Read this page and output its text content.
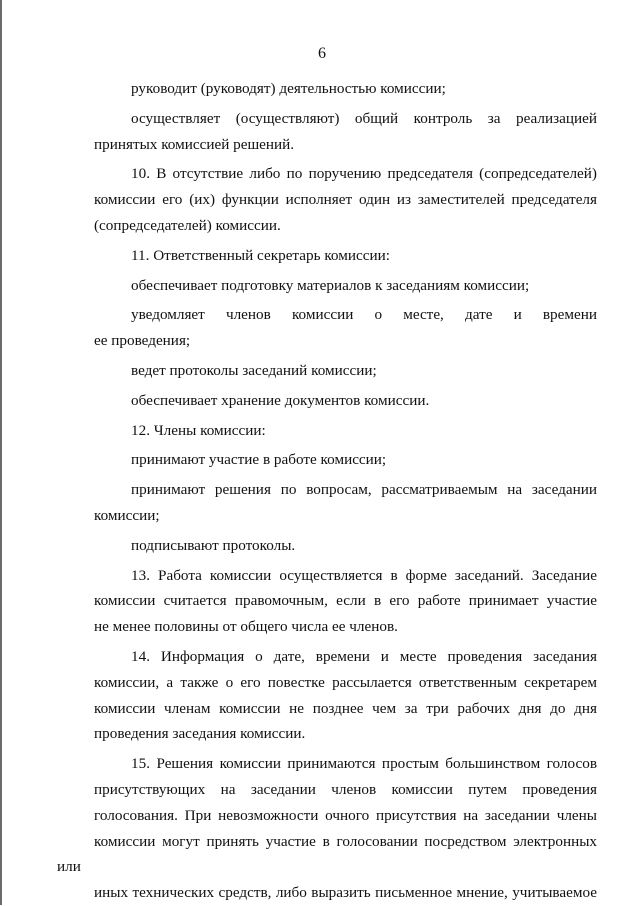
6

руководит (руководят) деятельностью комиссии;

осуществляет (осуществляют) общий контроль за реализацией
принятых комиссией решений.

10. В отсутствие либо по поручению председателя (сопредседателей)
комиссии его (их) функции исполняет один из заместителей председателя
(сопредседателей) комиссии.

11. Ответственный секретарь комиссии:

обеспечивает подготовку материалов к заседаниям комиссии;

уведомляет членов комиссии о месте, дате и времени
ее проведения;

ведет протоколы заседаний комиссии;

обеспечивает хранение документов комиссии.

12. Члены комиссии:

принимают участие в работе комиссии;

принимают решения по вопросам, рассматриваемым на заседании
комиссии;

подписывают протоколы.

13. Работа комиссии осуществляется в форме заседаний. Заседание
комиссии считается правомочным, если в его работе принимает участие
не менее половины от общего числа ее членов.

14. Информация о дате, времени и месте проведения заседания
комиссии, а также о его повестке рассылается ответственным секретарем
комиссии членам комиссии не позднее чем за три рабочих дня до дня
проведения заседания комиссии.

15. Решения комиссии принимаются простым большинством голосов
присутствующих на заседании членов комиссии путем проведения
голосования. При невозможности очного присутствия на заседании члены
комиссии могут принять участие в голосовании посредством электронных или
иных технических средств, либо выразить письменное мнение, учитываемое
